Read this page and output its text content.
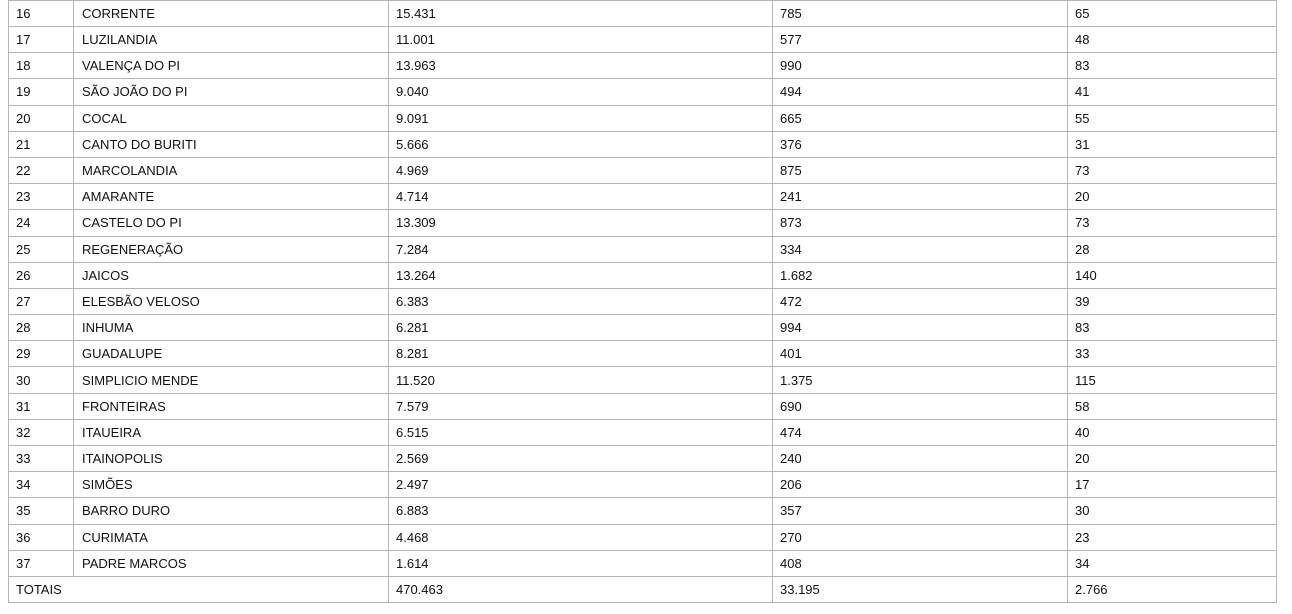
16	CORRENTE	15.431	785	65
17	LUZILANDIA	11.001	577	48
18	VALENÇA DO PI	13.963	990	83
19	SÃO JOÃO DO PI	9.040	494	41
20	COCAL	9.091	665	55
21	CANTO DO BURITI	5.666	376	31
22	MARCOLANDIA	4.969	875	73
23	AMARANTE	4.714	241	20
24	CASTELO DO PI	13.309	873	73
25	REGENERAÇÃO	7.284	334	28
26	JAICOS	13.264	1.682	140
27	ELESBÃO VELOSO	6.383	472	39
28	INHUMA	6.281	994	83
29	GUADALUPE	8.281	401	33
30	SIMPLICIO MENDE	11.520	1.375	115
31	FRONTEIRAS	7.579	690	58
32	ITAUEIRA	6.515	474	40
33	ITAINOPOLIS	2.569	240	20
34	SIMÕES	2.497	206	17
35	BARRO DURO	6.883	357	30
36	CURIMATA	4.468	270	23
37	PADRE MARCOS	1.614	408	34
TOTAIS		470.463	33.195	2.766
